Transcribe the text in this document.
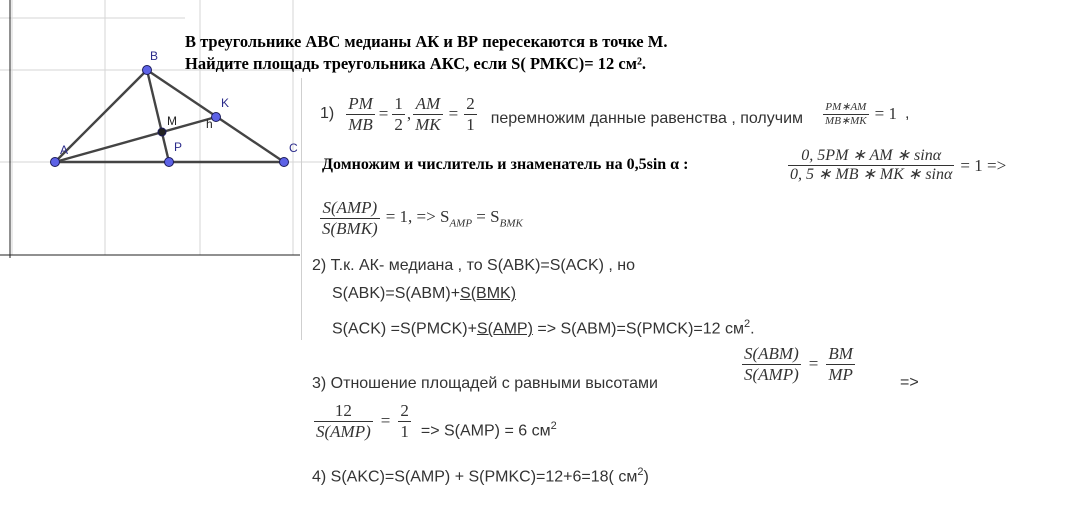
A
B
C
K
P
M h
В треугольнике АВС медианы АК и ВР пересекаются в точке М.
Найдите площадь треугольника АКС, если S( РМКС)= 12 см².
$1) \frac{PM}{MB} = \frac{1}{2}$ , $\frac{AM}{MK} = \frac{2}{1}$ перемножим данные равенства , получим $\frac{PM∗AM}{MB∗MK} = 1$ ,
Домножим и числитель и знаменатель на 0,5sin α :	$\frac{0, 5PM ∗ AM ∗ \sin\alpha}{0, 5 ∗ MB ∗ MK ∗ \sin\alpha} = 1$ =>
$\frac{\text{S(AMP)}}{\text{S(BMK)}} = 1$, => $S_{AMP} = S_{BMK}$
2) Т.к. АК- медиана , то S(ABK)=S(ACK) , но
S(ABK)=S(ABM)+S(BMK)
S(ACK) =S(PMCK)+S(AMP) => S(ABM)=S(PMCK)=12 $см^2$.
3) Отношение площадей с равными высотами	$\frac{\text{S(ABM)}}{\text{S(AMP)}} = \frac{BM}{MP}$	=>
$\frac{12}{\text{S(AMP)}} = \frac{2}{1} => S(AMP) = 6$ $см^2$
4) S(AKC)=S(AMP) + S(PMKC)=12+6=18( $см^2$)
